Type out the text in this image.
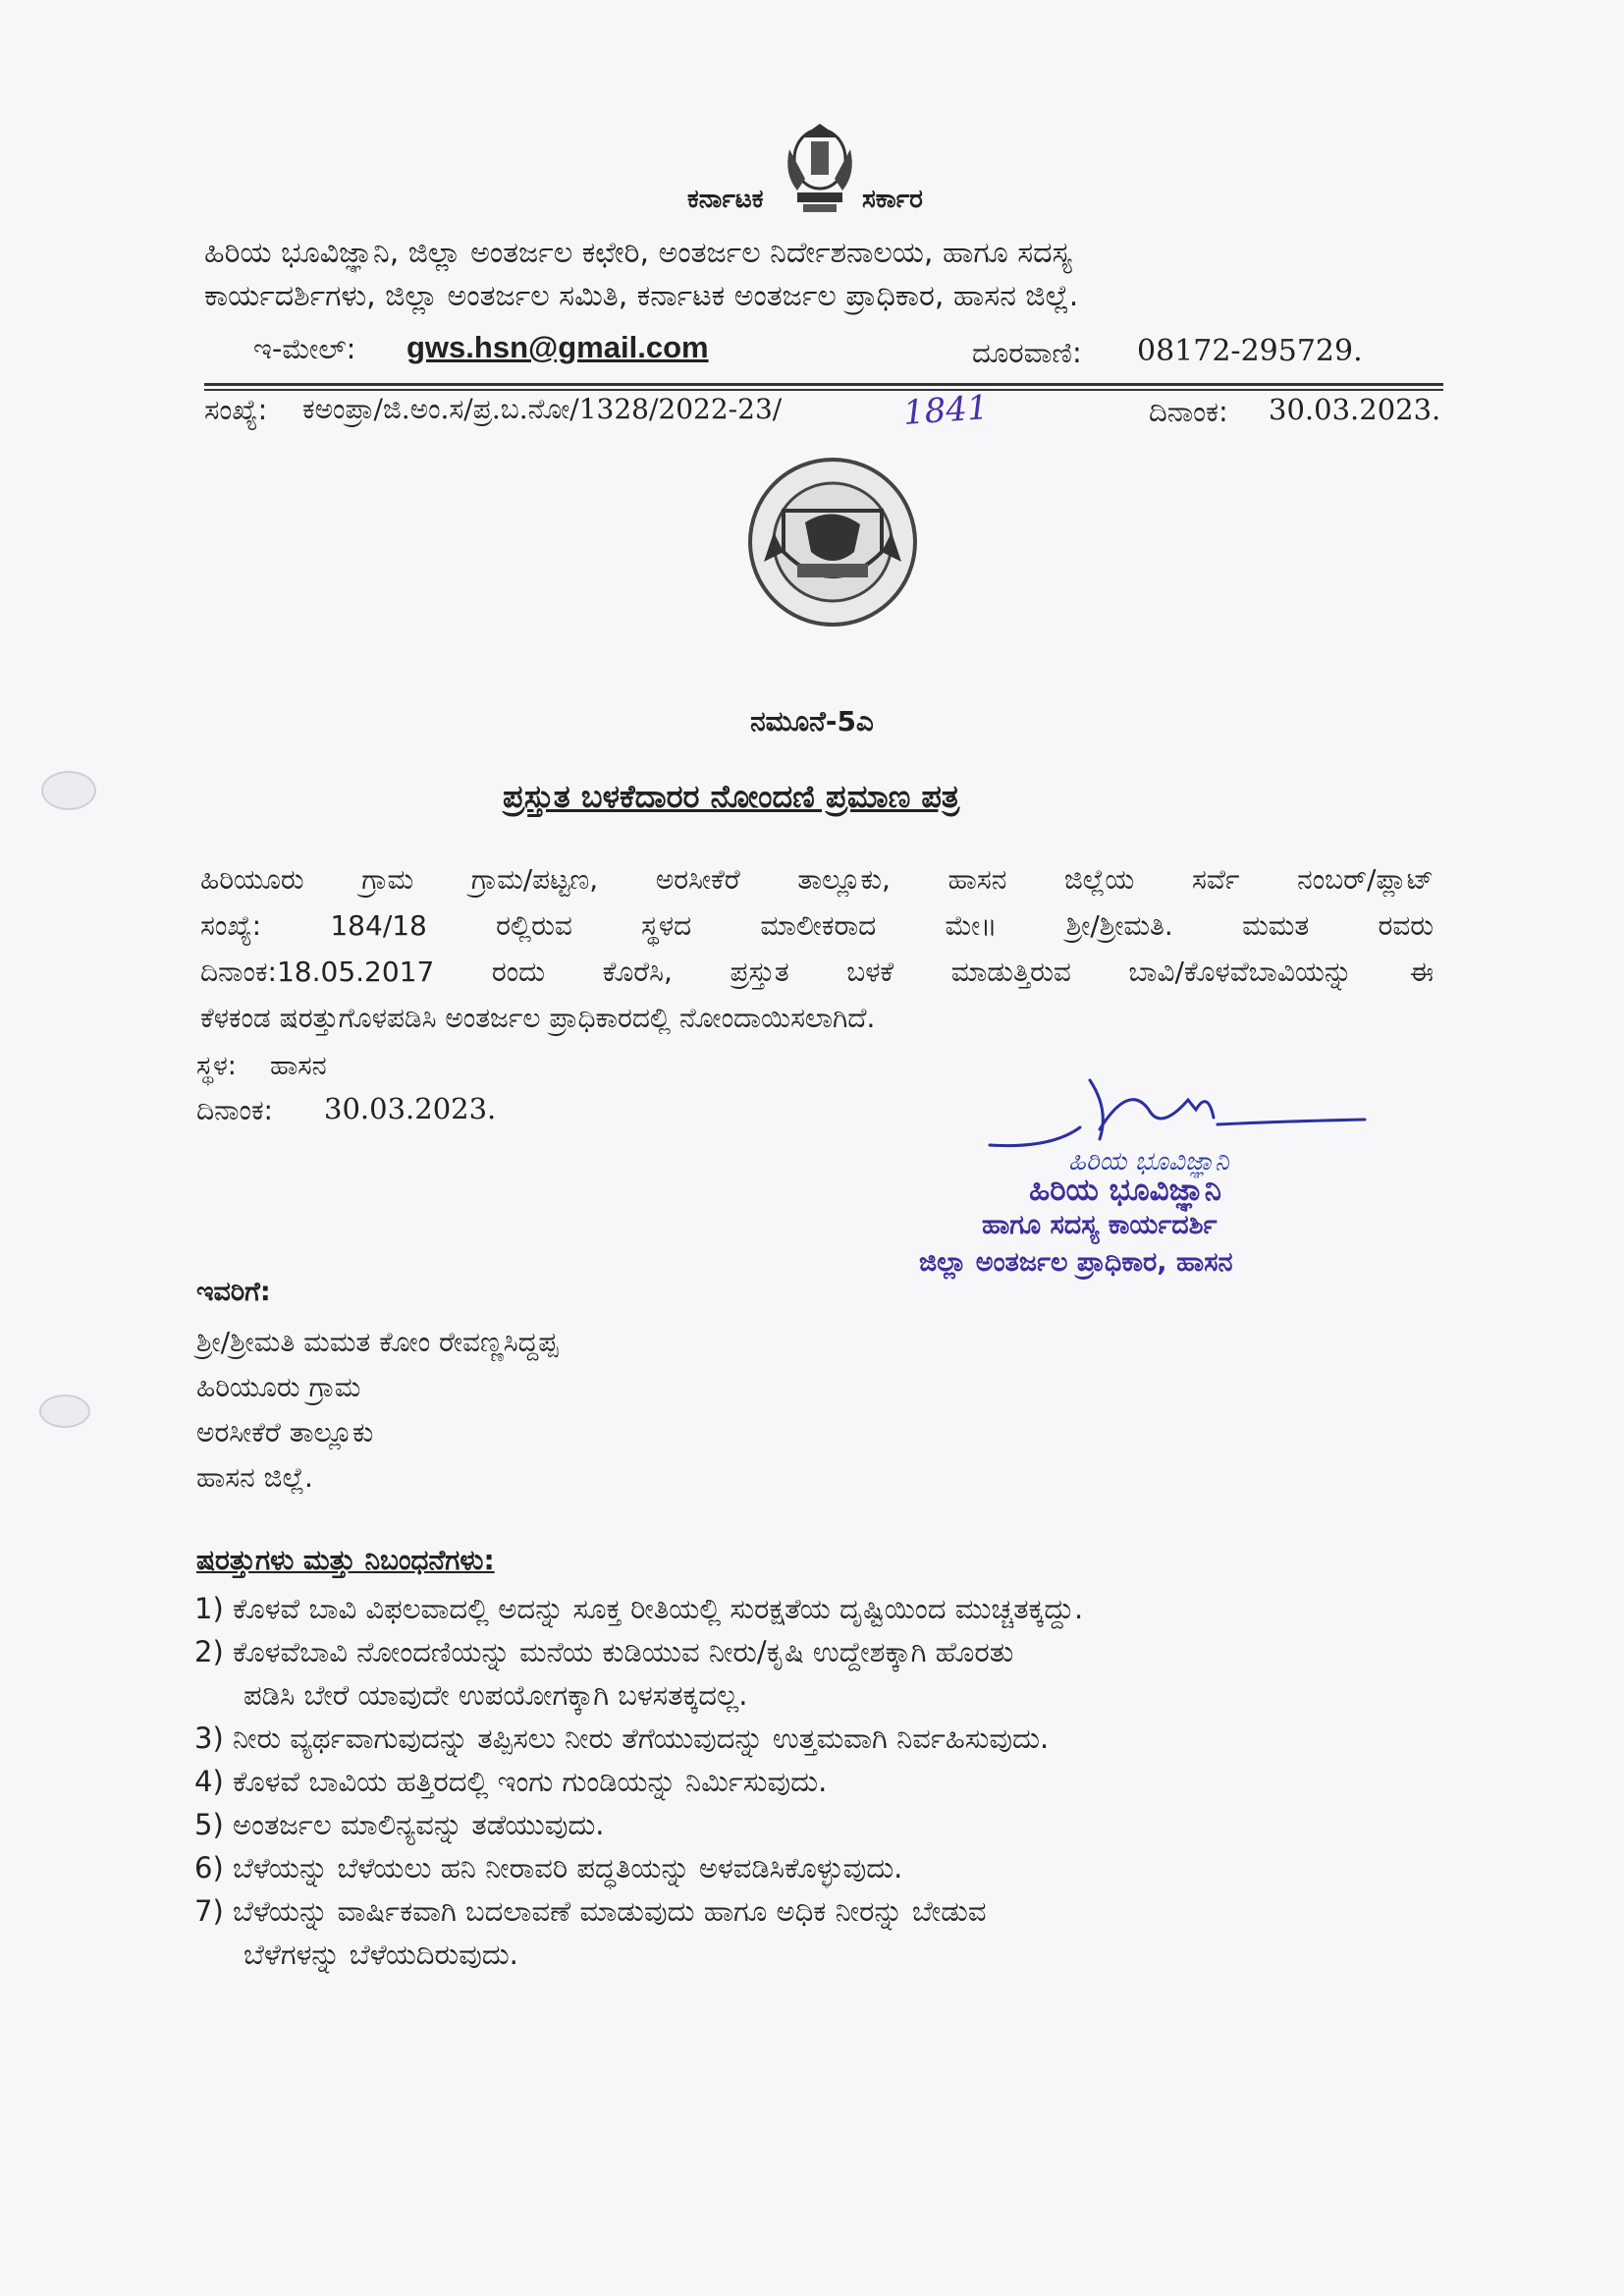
ಕರ್ನಾಟಕ	ಸರ್ಕಾರ
ಹಿರಿಯ ಭೂವಿಜ್ಞಾನಿ, ಜಿಲ್ಲಾ ಅಂತರ್ಜಲ ಕಛೇರಿ, ಅಂತರ್ಜಲ ನಿರ್ದೇಶನಾಲಯ, ಹಾಗೂ ಸದಸ್ಯ
ಕಾರ್ಯದರ್ಶಿಗಳು, ಜಿಲ್ಲಾ ಅಂತರ್ಜಲ ಸಮಿತಿ, ಕರ್ನಾಟಕ ಅಂತರ್ಜಲ ಪ್ರಾಧಿಕಾರ, ಹಾಸನ ಜಿಲ್ಲೆ.
ಇ-ಮೇಲ್: gws.hsn@gmail.com	ದೂರವಾಣಿ: 08172-295729.
ಸಂಖ್ಯೆ: ಕಅಂಪ್ರಾ/ಜಿ.ಅಂ.ಸ/ಪ್ರ.ಬ.ನೋ/1328/2022-23/	1841	ದಿನಾಂಕ: 30.03.2023.
ನಮೂನೆ-5ಎ
ಪ್ರಸ್ತುತ ಬಳಕೆದಾರರ ನೋಂದಣಿ ಪ್ರಮಾಣ ಪತ್ರ
ಹಿರಿಯೂರು ಗ್ರಾಮ ಗ್ರಾಮ/ಪಟ್ಟಣ, ಅರಸೀಕೆರೆ ತಾಲ್ಲೂಕು, ಹಾಸನ ಜಿಲ್ಲೆಯ ಸರ್ವೆ ನಂಬರ್/ಪ್ಲಾಟ್
ಸಂಖ್ಯೆ: 184/18 ರಲ್ಲಿರುವ ಸ್ಥಳದ ಮಾಲೀಕರಾದ ಮೇ॥ ಶ್ರೀ/ಶ್ರೀಮತಿ. ಮಮತ ರವರು
ದಿನಾಂಕ:18.05.2017 ರಂದು ಕೊರೆಸಿ, ಪ್ರಸ್ತುತ ಬಳಕೆ ಮಾಡುತ್ತಿರುವ ಬಾವಿ/ಕೊಳವೆಬಾವಿಯನ್ನು ಈ
ಕೆಳಕಂಡ ಷರತ್ತುಗೊಳಪಡಿಸಿ ಅಂತರ್ಜಲ ಪ್ರಾಧಿಕಾರದಲ್ಲಿ ನೋಂದಾಯಿಸಲಾಗಿದೆ.
ಸ್ಥಳ: ಹಾಸನ
ದಿನಾಂಕ: 30.03.2023.
ಹಿರಿಯ ಭೂವಿಜ್ಞಾನಿ
ಹಿರಿಯ ಭೂವಿಜ್ಞಾನಿ
ಹಾಗೂ ಸದಸ್ಯ ಕಾರ್ಯದರ್ಶಿ
ಜಿಲ್ಲಾ ಅಂತರ್ಜಲ ಪ್ರಾಧಿಕಾರ, ಹಾಸನ
ಇವರಿಗೆ:
ಶ್ರೀ/ಶ್ರೀಮತಿ ಮಮತ ಕೋಂ ರೇವಣ್ಣಸಿದ್ದಪ್ಪ
ಹಿರಿಯೂರು ಗ್ರಾಮ
ಅರಸೀಕೆರೆ ತಾಲ್ಲೂಕು
ಹಾಸನ ಜಿಲ್ಲೆ.
ಷರತ್ತುಗಳು ಮತ್ತು ನಿಬಂಧನೆಗಳು:
1) ಕೊಳವೆ ಬಾವಿ ವಿಫಲವಾದಲ್ಲಿ ಅದನ್ನು ಸೂಕ್ತ ರೀತಿಯಲ್ಲಿ ಸುರಕ್ಷತೆಯ ದೃಷ್ಟಿಯಿಂದ ಮುಚ್ಚತಕ್ಕದ್ದು.
2) ಕೊಳವೆಬಾವಿ ನೋಂದಣಿಯನ್ನು ಮನೆಯ ಕುಡಿಯುವ ನೀರು/ಕೃಷಿ ಉದ್ದೇಶಕ್ಕಾಗಿ ಹೊರತು
ಪಡಿಸಿ ಬೇರೆ ಯಾವುದೇ ಉಪಯೋಗಕ್ಕಾಗಿ ಬಳಸತಕ್ಕದಲ್ಲ.
3) ನೀರು ವ್ಯರ್ಥವಾಗುವುದನ್ನು ತಪ್ಪಿಸಲು ನೀರು ತೆಗೆಯುವುದನ್ನು ಉತ್ತಮವಾಗಿ ನಿರ್ವಹಿಸುವುದು.
4) ಕೊಳವೆ ಬಾವಿಯ ಹತ್ತಿರದಲ್ಲಿ ಇಂಗು ಗುಂಡಿಯನ್ನು ನಿರ್ಮಿಸುವುದು.
5) ಅಂತರ್ಜಲ ಮಾಲಿನ್ಯವನ್ನು ತಡೆಯುವುದು.
6) ಬೆಳೆಯನ್ನು ಬೆಳೆಯಲು ಹನಿ ನೀರಾವರಿ ಪದ್ಧತಿಯನ್ನು ಅಳವಡಿಸಿಕೊಳ್ಳುವುದು.
7) ಬೆಳೆಯನ್ನು ವಾರ್ಷಿಕವಾಗಿ ಬದಲಾವಣೆ ಮಾಡುವುದು ಹಾಗೂ ಅಧಿಕ ನೀರನ್ನು ಬೇಡುವ
ಬೆಳೆಗಳನ್ನು ಬೆಳೆಯದಿರುವುದು.
